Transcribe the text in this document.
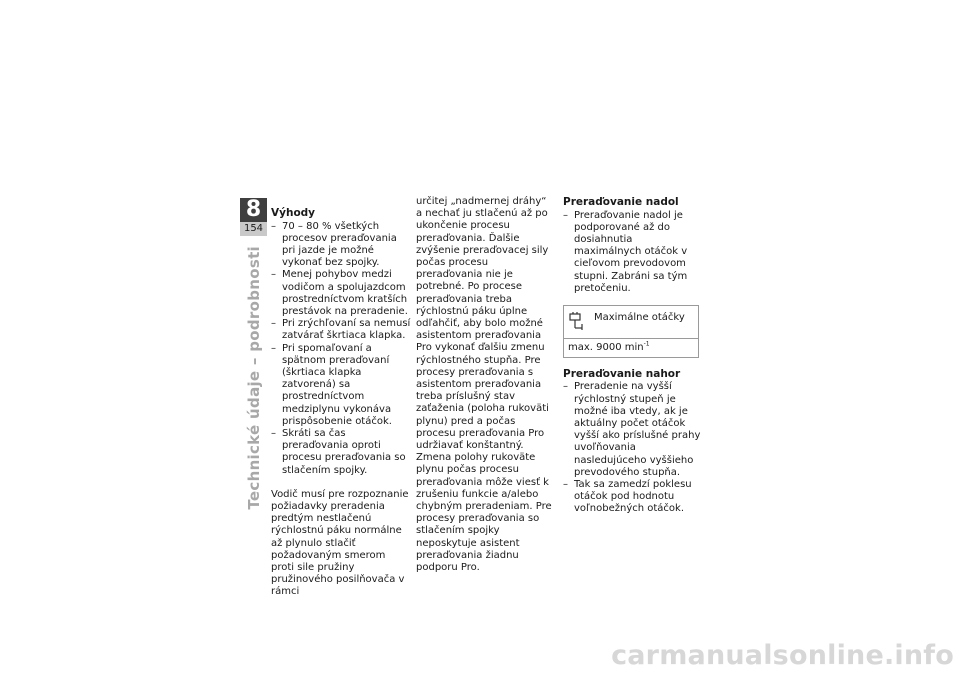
8
154
Technické údaje – podrobnosti
Výhody
– 70 – 80 % všetkých procesov preraďovania pri jazde je možné vykonať bez spojky.
– Menej pohybov medzi vodičom a spolujazdcom prostredníctvom kratších prestávok na preradenie.
– Pri zrýchľovaní sa nemusí zatvárať škrtiaca klapka.
– Pri spomaľovaní a spätnom preraďovaní (škrtiaca klapka zatvorená) sa prostredníctvom medziplynu vykonáva prispôsobenie otáčok.
– Skráti sa čas preraďovania oproti procesu preraďovania so stlačením spojky.

Vodič musí pre rozpoznanie požiadavky preradenia predtým nestlačenú rýchlostnú páku normálne až plynulo stlačiť požadovaným smerom proti sile pružiny pružinového posilňovača v rámci

určitej „nadmernej dráhy“ a nechať ju stlačenú až po ukončenie procesu preraďovania. Ďalšie zvýšenie preraďovacej sily počas procesu preraďovania nie je potrebné. Po procese preraďovania treba rýchlostnú páku úplne odľahčiť, aby bolo možné asistentom preraďovania Pro vykonať ďalšiu zmenu rýchlostného stupňa. Pre procesy preraďovania s asistentom preraďovania treba príslušný stav zaťaženia (poloha rukoväti plynu) pred a počas procesu preraďovania Pro udržiavať konštantný. Zmena polohy rukoväte plynu počas procesu preraďovania môže viesť k zrušeniu funkcie a/alebo chybným preradeniam. Pre procesy preraďovania so stlačením spojky neposkytuje asistent preraďovania žiadnu podporu Pro.

Preraďovanie nadol
– Preraďovanie nadol je podporované až do dosiahnutia maximálnych otáčok v cieľovom prevodovom stupni. Zabráni sa tým pretočeniu.
Maximálne otáčky
max. 9000 $\min^{-1}$
Preraďovanie nahor
– Preradenie na vyšší rýchlostný stupeň je možné iba vtedy, ak je aktuálny počet otáčok vyšší ako príslušné prahy uvoľňovania nasledujúceho vyššieho prevodového stupňa.
– Tak sa zamedzí poklesu otáčok pod hodnotu voľnobežných otáčok.
carmanualsonline.info
